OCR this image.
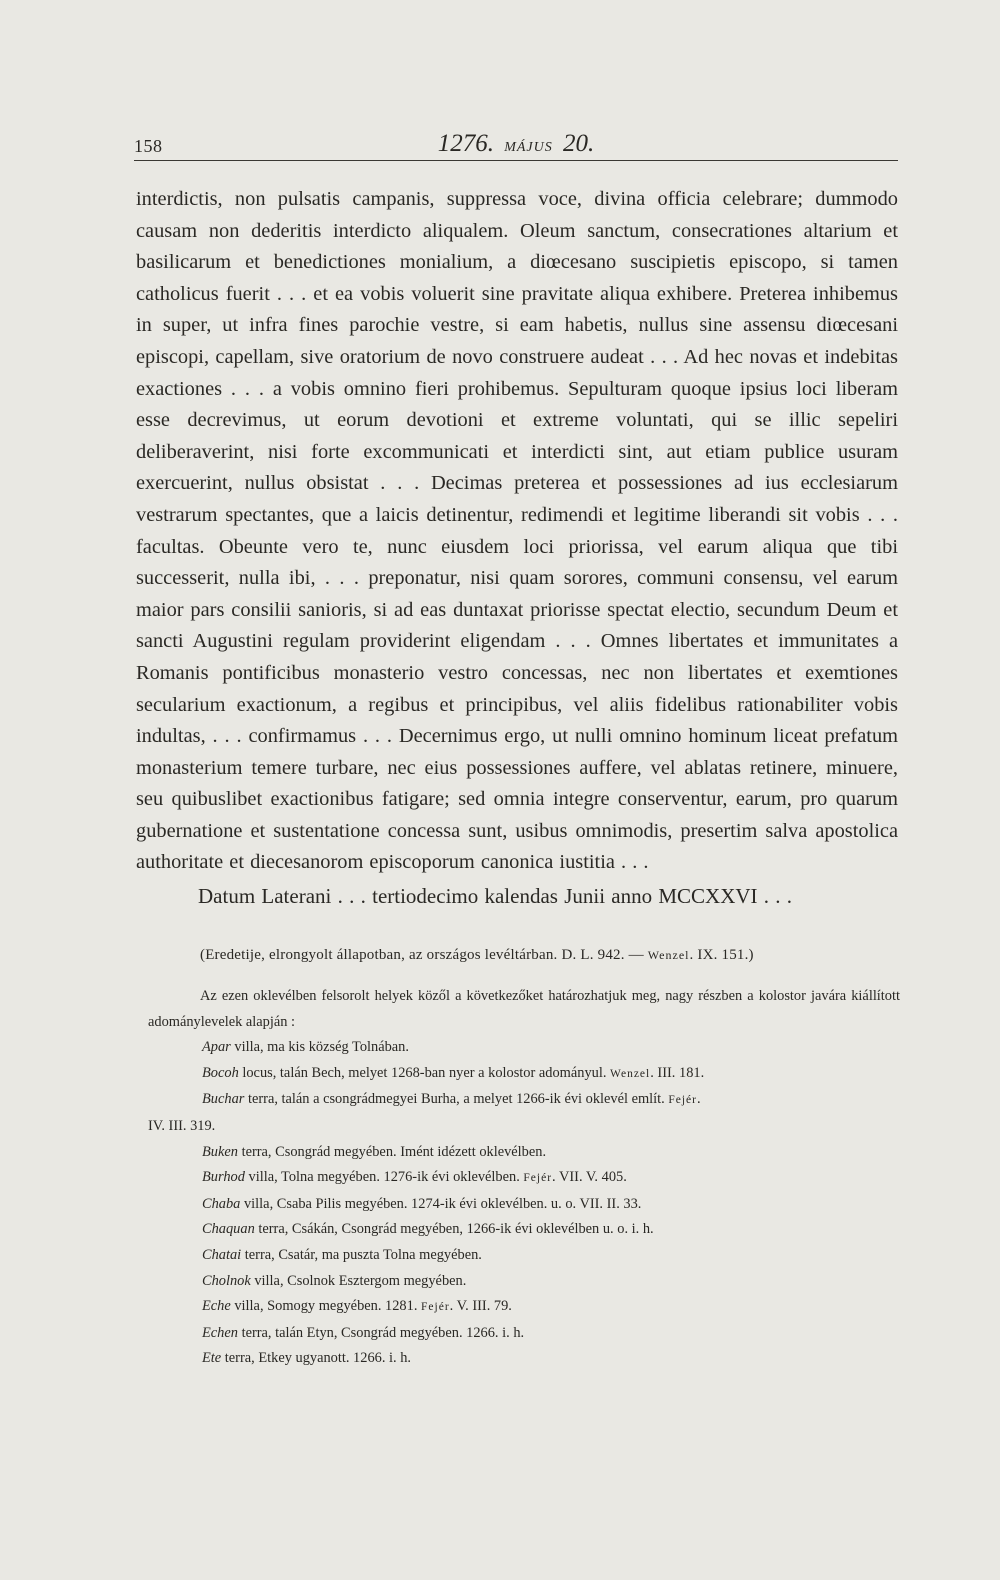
158	1276. MÁJUS 20.

interdictis, non pulsatis campanis, suppressa voce, divina officia celebrare; dummodo causam non dederitis interdicto aliqualem. Oleum sanctum, consecrationes altarium et basilicarum et benedictiones monialium, a diœcesano suscipietis episcopo, si tamen catholicus fuerit . . . et ea vobis voluerit sine pravitate aliqua exhibere. Preterea inhibemus in super, ut infra fines parochie vestre, si eam habetis, nullus sine assensu diœcesani episcopi, capellam, sive oratorium de novo construere audeat . . . Ad hec novas et indebitas exactiones . . . a vobis omnino fieri prohibemus. Sepulturam quoque ipsius loci liberam esse decrevimus, ut eorum devotioni et extreme voluntati, qui se illic sepeliri deliberaverint, nisi forte excommunicati et interdicti sint, aut etiam publice usuram exercuerint, nullus obsistat . . . Decimas preterea et possessiones ad ius ecclesiarum vestrarum spectantes, que a laicis detinentur, redimendi et legitime liberandi sit vobis . . . facultas. Obeunte vero te, nunc eiusdem loci priorissa, vel earum aliqua que tibi successerit, nulla ibi, . . . preponatur, nisi quam sorores, communi consensu, vel earum maior pars consilii sanioris, si ad eas duntaxat priorisse spectat electio, secundum Deum et sancti Augustini regulam providerint eligendam . . . Omnes libertates et immunitates a Romanis pontificibus monasterio vestro concessas, nec non libertates et exemtiones secularium exactionum, a regibus et principibus, vel aliis fidelibus rationabiliter vobis indultas, . . . confirmamus . . . Decernimus ergo, ut nulli omnino hominum liceat prefatum monasterium temere turbare, nec eius possessiones auffere, vel ablatas retinere, minuere, seu quibuslibet exactionibus fatigare; sed omnia integre conserventur, earum, pro quarum gubernatione et sustentatione concessa sunt, usibus omnimodis, presertim salva apostolica authoritate et diecesanorom episcoporum canonica iustitia . . .

Datum Laterani . . . tertiodecimo kalendas Junii anno MCCXXVI . . .

(Eredetije, elrongyolt állapotban, az országos levéltárban. D. L. 942. — Wenzel. IX. 151.)

Az ezen oklevélben felsorolt helyek közől a következőket határozhatjuk meg, nagy részben a kolostor javára kiállított adománylevelek alapján :

Apar villa, ma kis község Tolnában.
Bocoh locus, talán Bech, melyet 1268-ban nyer a kolostor adományul. Wenzel. III. 181.
Buchar terra, talán a csongrádmegyei Burha, a melyet 1266-ik évi oklevél említ. Fejér.
IV. III. 319.
Buken terra, Csongrád megyében. Imént idézett oklevélben.
Burhod villa, Tolna megyében. 1276-ik évi oklevélben. Fejér. VII. V. 405.
Chaba villa, Csaba Pilis megyében. 1274-ik évi oklevélben. u. o. VII. II. 33.
Chaquan terra, Csákán, Csongrád megyében, 1266-ik évi oklevélben u. o. i. h.
Chatai terra, Csatár, ma puszta Tolna megyében.
Cholnok villa, Csolnok Esztergom megyében.
Eche villa, Somogy megyében. 1281. Fejér. V. III. 79.
Echen terra, talán Etyn, Csongrád megyében. 1266. i. h.
Ete terra, Etkey ugyanott. 1266. i. h.
